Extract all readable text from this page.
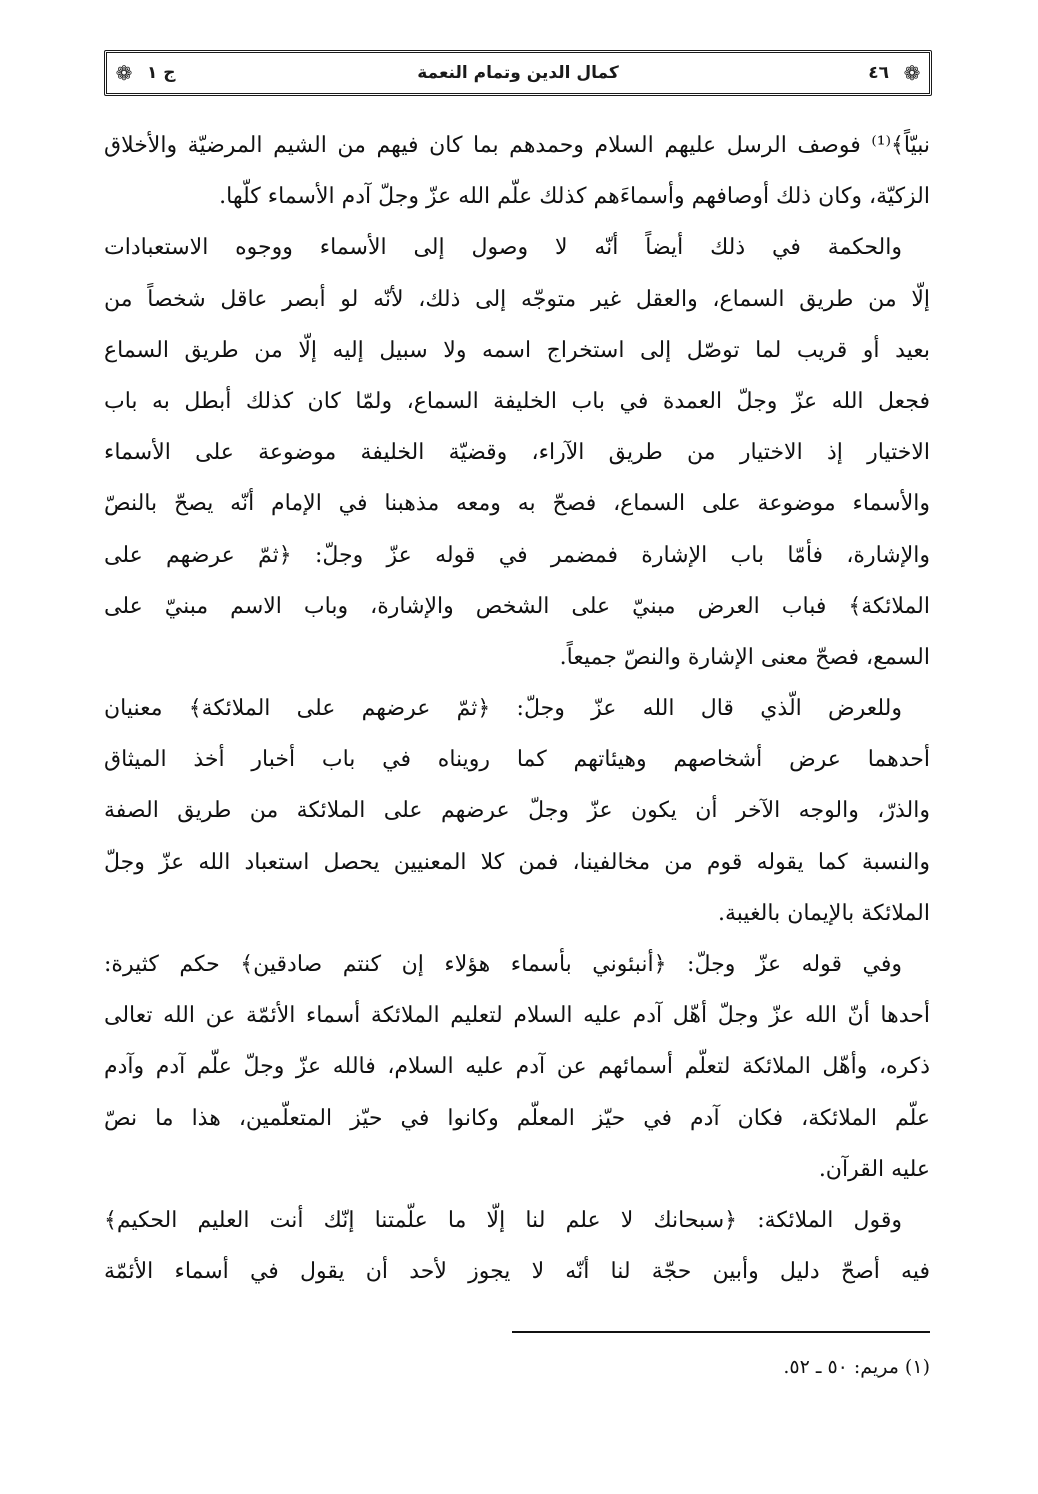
❁
٤٦
كمال الدين وتمام النعمة
ج ١
❁
نبيّاً﴾⁽¹⁾ فوصف الرسل عليهم السلام وحمدهم بما كان فيهم من الشيم المرضيّة والأخلاق
الزكيّة، وكان ذلك أوصافهم وأسماءَهم كذلك علّم الله عزّ وجلّ آدم الأسماء كلّها.
والحكمة في ذلك أيضاً أنّه لا وصول إلى الأسماء ووجوه الاستعبادات
إلّا من طريق السماع، والعقل غير متوجّه إلى ذلك، لأنّه لو أبصر عاقل شخصاً من
بعيد أو قريب لما توصّل إلى استخراج اسمه ولا سبيل إليه إلّا من طريق السماع
فجعل الله عزّ وجلّ العمدة في باب الخليفة السماع، ولمّا كان كذلك أبطل به باب
الاختيار إذ الاختيار من طريق الآراء، وقضيّة الخليفة موضوعة على الأسماء
والأسماء موضوعة على السماع، فصحّ به ومعه مذهبنا في الإمام أنّه يصحّ بالنصّ
والإشارة، فأمّا باب الإشارة فمضمر في قوله عزّ وجلّ: ﴿ثمّ عرضهم على
الملائكة﴾ فباب العرض مبنيّ على الشخص والإشارة، وباب الاسم مبنيّ على
السمع، فصحّ معنى الإشارة والنصّ جميعاً.
وللعرض الّذي قال الله عزّ وجلّ: ﴿ثمّ عرضهم على الملائكة﴾ معنيان
أحدهما عرض أشخاصهم وهيئاتهم كما رويناه في باب أخبار أخذ الميثاق
والذرّ، والوجه الآخر أن يكون عزّ وجلّ عرضهم على الملائكة من طريق الصفة
والنسبة كما يقوله قوم من مخالفينا، فمن كلا المعنيين يحصل استعباد الله عزّ وجلّ
الملائكة بالإيمان بالغيبة.
وفي قوله عزّ وجلّ: ﴿أنبئوني بأسماء هؤلاء إن كنتم صادقين﴾ حكم كثيرة:
أحدها أنّ الله عزّ وجلّ أهّل آدم عليه السلام لتعليم الملائكة أسماء الأئمّة عن الله تعالى
ذكره، وأهّل الملائكة لتعلّم أسمائهم عن آدم عليه السلام، فالله عزّ وجلّ علّم آدم وآدم
علّم الملائكة، فكان آدم في حيّز المعلّم وكانوا في حيّز المتعلّمين، هذا ما نصّ
عليه القرآن.
وقول الملائكة: ﴿سبحانك لا علم لنا إلّا ما علّمتنا إنّك أنت العليم الحكيم﴾
فيه أصحّ دليل وأبين حجّة لنا أنّه لا يجوز لأحد أن يقول في أسماء الأئمّة
(١) مريم: ٥٠ ـ ٥٢.
